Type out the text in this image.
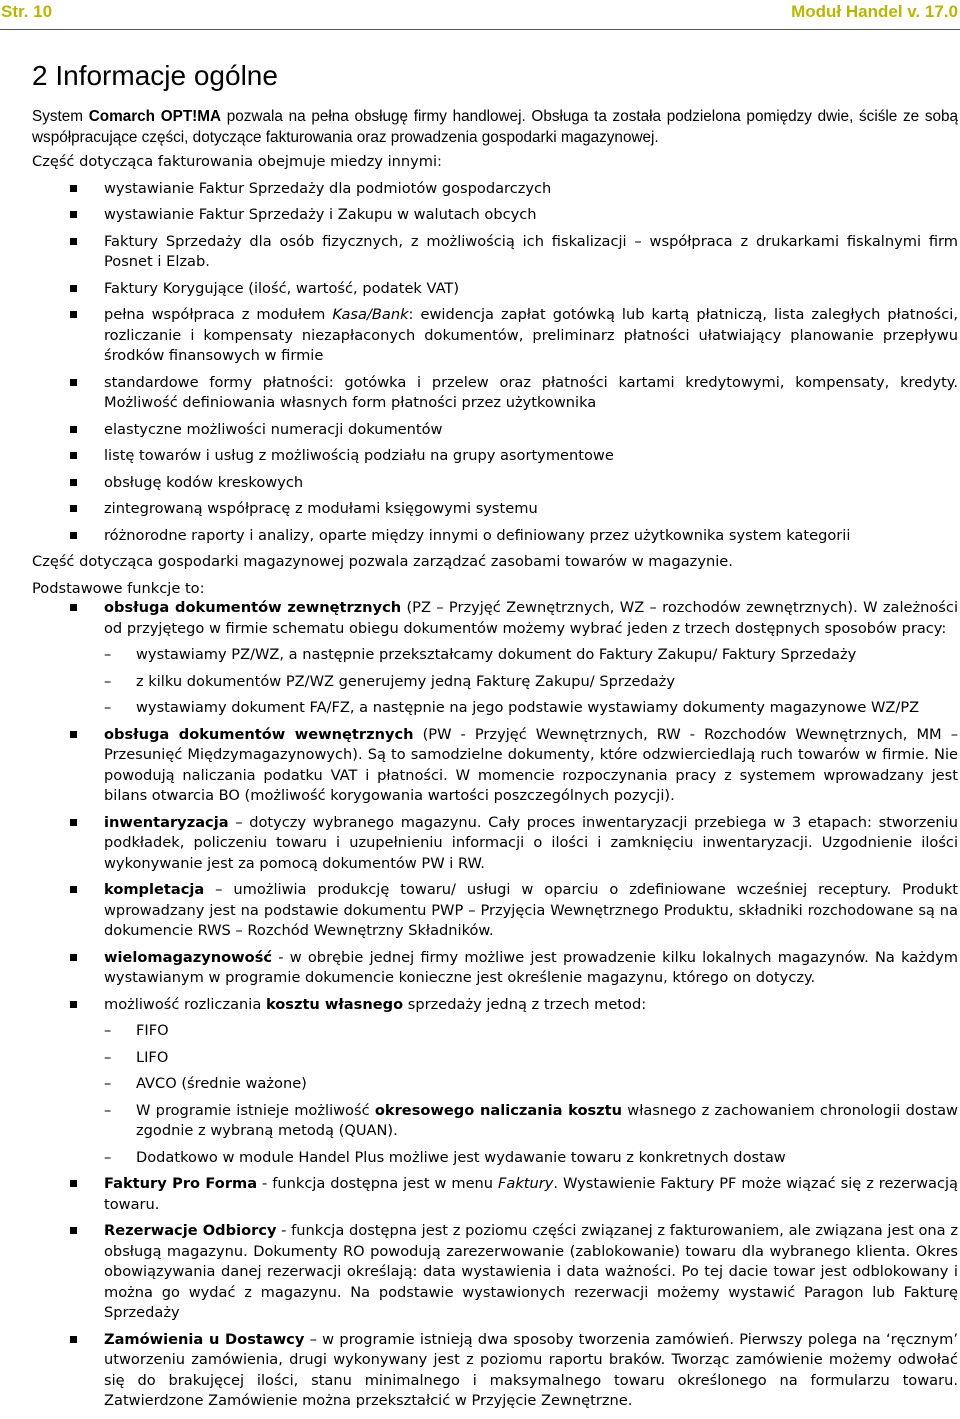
Str. 10	Moduł Handel v. 17.0
2 Informacje ogólne

System Comarch OPT!MA pozwala na pełna obsługę firmy handlowej. Obsługa ta została podzielona pomiędzy dwie, ściśle ze sobą współpracujące części, dotyczące fakturowania oraz prowadzenia gospodarki magazynowej.

Część dotycząca fakturowania obejmuje miedzy innymi:

wystawianie Faktur Sprzedaży dla podmiotów gospodarczych
wystawianie Faktur Sprzedaży i Zakupu w walutach obcych
Faktury Sprzedaży dla osób fizycznych, z możliwością ich fiskalizacji – współpraca z drukarkami fiskalnymi firm Posnet i Elzab.
Faktury Korygujące (ilość, wartość, podatek VAT)
pełna współpraca z modułem Kasa/Bank: ewidencja zapłat gotówką lub kartą płatniczą, lista zaległych płatności, rozliczanie i kompensaty niezapłaconych dokumentów, preliminarz płatności ułatwiający planowanie przepływu środków finansowych w firmie
standardowe formy płatności: gotówka i przelew oraz płatności kartami kredytowymi, kompensaty, kredyty. Możliwość definiowania własnych form płatności przez użytkownika
elastyczne możliwości numeracji dokumentów
listę towarów i usług z możliwością podziału na grupy asortymentowe
obsługę kodów kreskowych
zintegrowaną współpracę z modułami księgowymi systemu
różnorodne raporty i analizy, oparte między innymi o definiowany przez użytkownika system kategorii

Część dotycząca gospodarki magazynowej pozwala zarządzać zasobami towarów w magazynie.

Podstawowe funkcje to:

obsługa dokumentów zewnętrznych (PZ – Przyjęć Zewnętrznych, WZ – rozchodów zewnętrznych). W zależności od przyjętego w firmie schematu obiegu dokumentów możemy wybrać jeden z trzech dostępnych sposobów pracy:
– wystawiamy PZ/WZ, a następnie przekształcamy dokument do Faktury Zakupu/ Faktury Sprzedaży
– z kilku dokumentów PZ/WZ generujemy jedną Fakturę Zakupu/ Sprzedaży
– wystawiamy dokument FA/FZ, a następnie na jego podstawie wystawiamy dokumenty magazynowe WZ/PZ
obsługa dokumentów wewnętrznych (PW - Przyjęć Wewnętrznych, RW - Rozchodów Wewnętrznych, MM – Przesunięć Międzymagazynowych). Są to samodzielne dokumenty, które odzwierciedlają ruch towarów w firmie. Nie powodują naliczania podatku VAT i płatności. W momencie rozpoczynania pracy z systemem wprowadzany jest bilans otwarcia BO (możliwość korygowania wartości poszczególnych pozycji).
inwentaryzacja – dotyczy wybranego magazynu. Cały proces inwentaryzacji przebiega w 3 etapach: stworzeniu podkładek, policzeniu towaru i uzupełnieniu informacji o ilości i zamknięciu inwentaryzacji. Uzgodnienie ilości wykonywanie jest za pomocą dokumentów PW i RW.
kompletacja – umożliwia produkcję towaru/ usługi w oparciu o zdefiniowane wcześniej receptury. Produkt wprowadzany jest na podstawie dokumentu PWP – Przyjęcia Wewnętrznego Produktu, składniki rozchodowane są na dokumencie RWS – Rozchód Wewnętrzny Składników.
wielomagazynowość - w obrębie jednej firmy możliwe jest prowadzenie kilku lokalnych magazynów. Na każdym wystawianym w programie dokumencie konieczne jest określenie magazynu, którego on dotyczy.
możliwość rozliczania kosztu własnego sprzedaży jedną z trzech metod:
– FIFO
– LIFO
– AVCO (średnie ważone)
– W programie istnieje możliwość okresowego naliczania kosztu własnego z zachowaniem chronologii dostaw zgodnie z wybraną metodą (QUAN).
– Dodatkowo w module Handel Plus możliwe jest wydawanie towaru z konkretnych dostaw
Faktury Pro Forma - funkcja dostępna jest w menu Faktury. Wystawienie Faktury PF może wiązać się z rezerwacją towaru.
Rezerwacje Odbiorcy - funkcja dostępna jest z poziomu części związanej z fakturowaniem, ale związana jest ona z obsługą magazynu. Dokumenty RO powodują zarezerwowanie (zablokowanie) towaru dla wybranego klienta. Okres obowiązywania danej rezerwacji określają: data wystawienia i data ważności. Po tej dacie towar jest odblokowany i można go wydać z magazynu. Na podstawie wystawionych rezerwacji możemy wystawić Paragon lub Fakturę Sprzedaży
Zamówienia u Dostawcy – w programie istnieją dwa sposoby tworzenia zamówień. Pierwszy polega na ‘ręcznym’ utworzeniu zamówienia, drugi wykonywany jest z poziomu raportu braków. Tworząc zamówienie możemy odwołać się do brakujęcej ilości, stanu minimalnego i maksymalnego towaru określonego na formularzu towaru. Zatwierdzone Zamówienie można przekształcić w Przyjęcie Zewnętrzne.
